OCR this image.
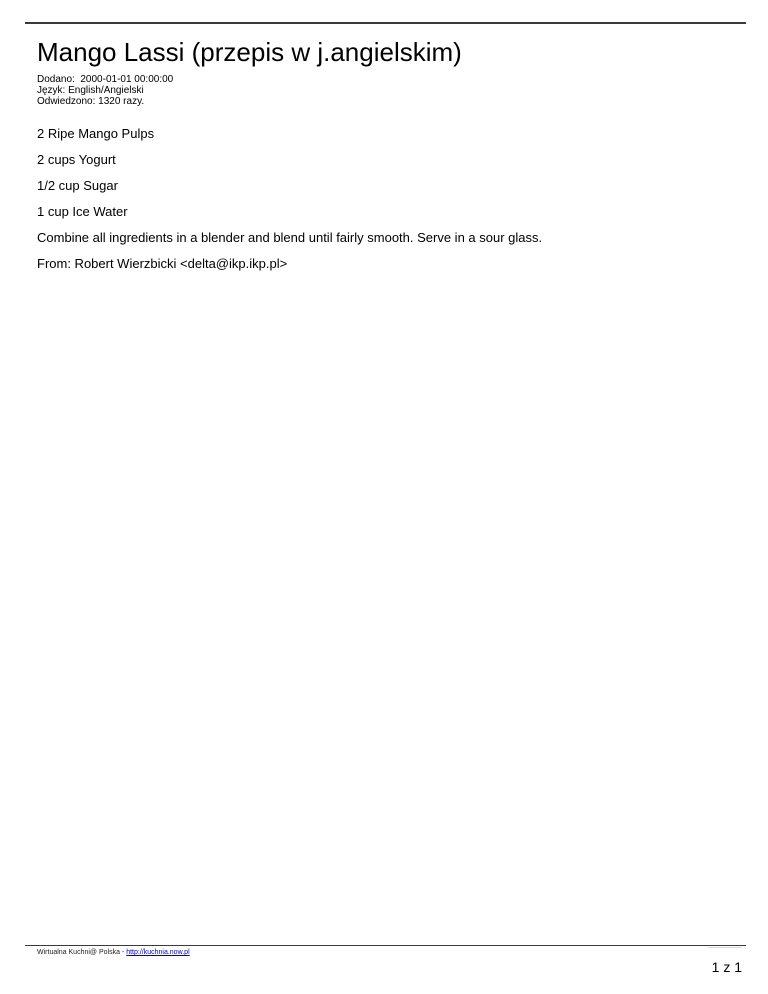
Mango Lassi (przepis w j.angielskim)
Dodano:  2000-01-01 00:00:00
Język: English/Angielski
Odwiedzono: 1320 razy.

2 Ripe Mango Pulps

2 cups Yogurt

1/2 cup Sugar

1 cup Ice Water

Combine all ingredients in a blender and blend until fairly smooth. Serve in a sour glass.

From: Robert Wierzbicki <delta@ikp.ikp.pl>

Wirtualna Kuchni@ Polska - http://kuchnia.now.pl
1 z 1
